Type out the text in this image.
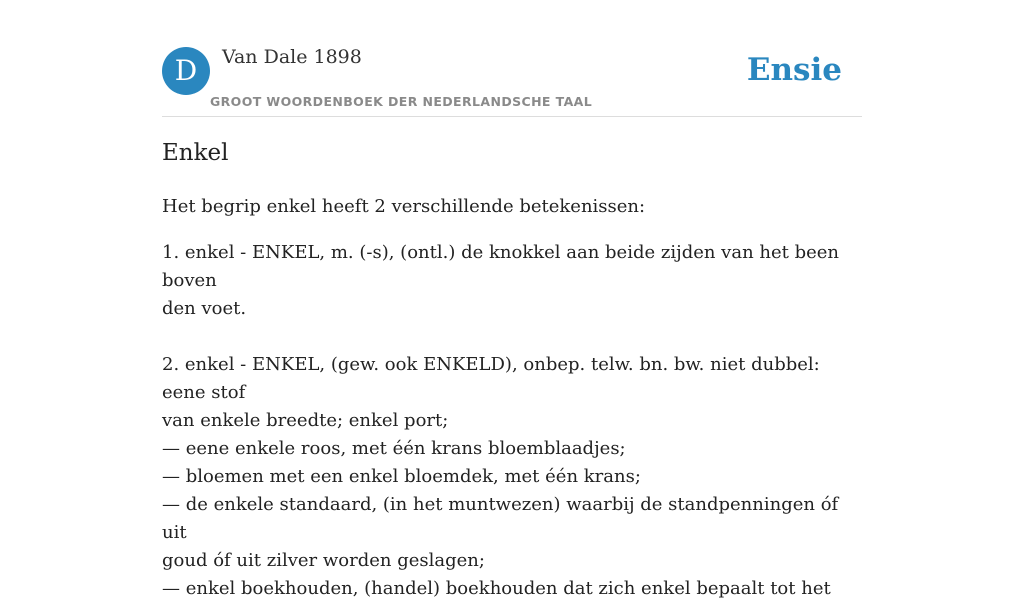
D	Van Dale 1898
GROOT WOORDENBOEK DER NEDERLANDSCHE TAAL
Ensie
Enkel

Het begrip enkel heeft 2 verschillende betekenissen:

1. enkel - ENKEL, m. (-s), (ontl.) de knokkel aan beide zijden van het been boven
den voet.

2. enkel - ENKEL, (gew. ook ENKELD), onbep. telw. bn. bw. niet dubbel: eene stof
van enkele breedte; enkel port;
— eene enkele roos, met één krans bloemblaadjes;
— bloemen met een enkel bloemdek, met één krans;
— de enkele standaard, (in het muntwezen) waarbij de standpenningen óf uit
goud óf uit zilver worden geslagen;
— enkel boekhouden, (handel) boekhouden dat zich enkel bepaalt tot het
